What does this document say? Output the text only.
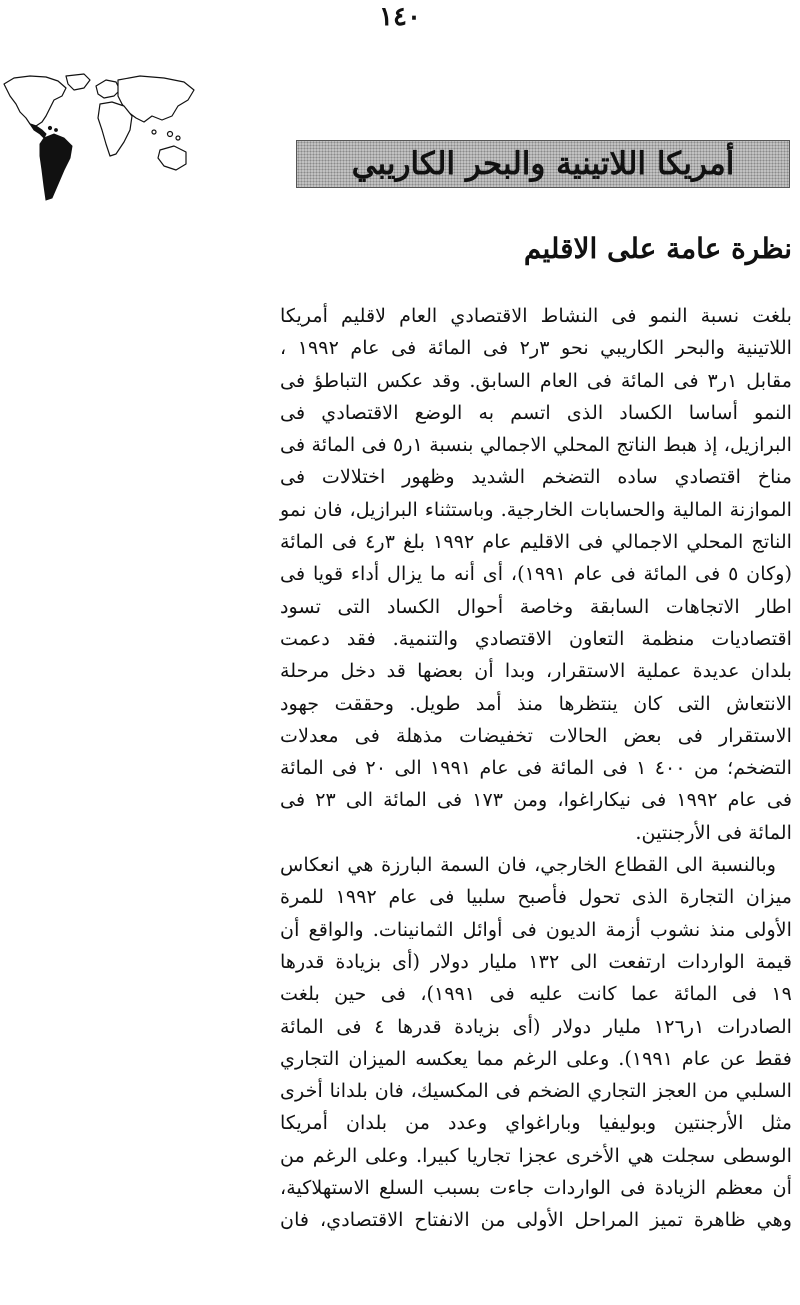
١٤٠
أمريكا اللاتينية والبحر الكاريبي
نظرة عامة على الاقليم
بلغت نسبة النمو فى النشاط الاقتصادي العام لاقليم أمريكا
اللاتينية والبحر الكاريبي نحو ٣ر٢ فى المائة فى عام ١٩٩٢ ،
مقابل ١ر٣ فى المائة فى العام السابق. وقد عكس التباطؤ فى
النمو أساسا الكساد الذى اتسم به الوضع الاقتصادي فى
البرازيل، إذ هبط الناتج المحلي الاجمالي بنسبة ١ر٥ فى المائة فى
مناخ اقتصادي ساده التضخم الشديد وظهور اختلالات فى
الموازنة المالية والحسابات الخارجية. وباستثناء البرازيل، فان نمو
الناتج المحلي الاجمالي فى الاقليم عام ١٩٩٢ بلغ ٣ر٤ فى المائة
(وكان ٥ فى المائة فى عام ١٩٩١)، أى أنه ما يزال أداء قويا فى
اطار الاتجاهات السابقة وخاصة أحوال الكساد التى تسود
اقتصاديات منظمة التعاون الاقتصادي والتنمية. فقد دعمت
بلدان عديدة عملية الاستقرار، وبدا أن بعضها قد دخل مرحلة
الانتعاش التى كان ينتظرها منذ أمد طويل. وحققت جهود
الاستقرار فى بعض الحالات تخفيضات مذهلة فى معدلات
التضخم؛ من ٤٠٠ ١ فى المائة فى عام ١٩٩١ الى ٢٠ فى المائة
فى عام ١٩٩٢ فى نيكاراغوا، ومن ١٧٣ فى المائة الى ٢٣ فى
المائة فى الأرجنتين.
وبالنسبة الى القطاع الخارجي، فان السمة البارزة هي انعكاس
ميزان التجارة الذى تحول فأصبح سلبيا فى عام ١٩٩٢ للمرة
الأولى منذ نشوب أزمة الديون فى أوائل الثمانينات. والواقع أن
قيمة الواردات ارتفعت الى ١٣٢ مليار دولار (أى بزيادة قدرها
١٩ فى المائة عما كانت عليه فى ١٩٩١)، فى حين بلغت
الصادرات ١ر١٢٦ مليار دولار (أى بزيادة قدرها ٤ فى المائة
فقط عن عام ١٩٩١). وعلى الرغم مما يعكسه الميزان التجاري
السلبي من العجز التجاري الضخم فى المكسيك، فان بلدانا أخرى
مثل الأرجنتين وبوليفيا وباراغواي وعدد من بلدان أمريكا
الوسطى سجلت هي الأخرى عجزا تجاريا كبيرا. وعلى الرغم من
أن معظم الزيادة فى الواردات جاءت بسبب السلع الاستهلاكية،
وهي ظاهرة تميز المراحل الأولى من الانفتاح الاقتصادي، فان
